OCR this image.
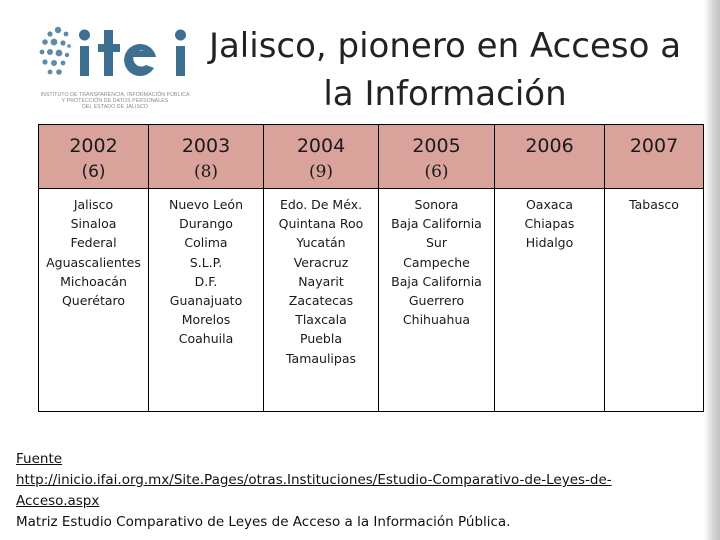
INSTITUTO DE TRANSPARENCIA, INFORMACIÓN PÚBLICA
Y PROTECCIÓN DE DATOS PERSONALES
DEL ESTADO DE JALISCO
Jalisco, pionero en Acceso a
la Información
2002
(6)
2003
(8)
2004
(9)
2005
(6)
2006	2007
Jalisco
Sinaloa
Federal
Aguascalientes
Michoacán
Querétaro
Nuevo León
Durango
Colima
S.L.P.
D.F.
Guanajuato
Morelos
Coahuila
Edo. De Méx.
Quintana Roo
Yucatán
Veracruz
Nayarit
Zacatecas
Tlaxcala
Puebla
Tamaulipas
Sonora
Baja California
Sur
Campeche
Baja California
Guerrero
Chihuahua
Oaxaca
Chiapas
Hidalgo
Tabasco
Fuente
http://inicio.ifai.org.mx/Site.Pages/otras.Instituciones/Estudio-Comparativo-de-Leyes-de-
Acceso.aspx
Matriz Estudio Comparativo de Leyes de Acceso a la Información Pública.
